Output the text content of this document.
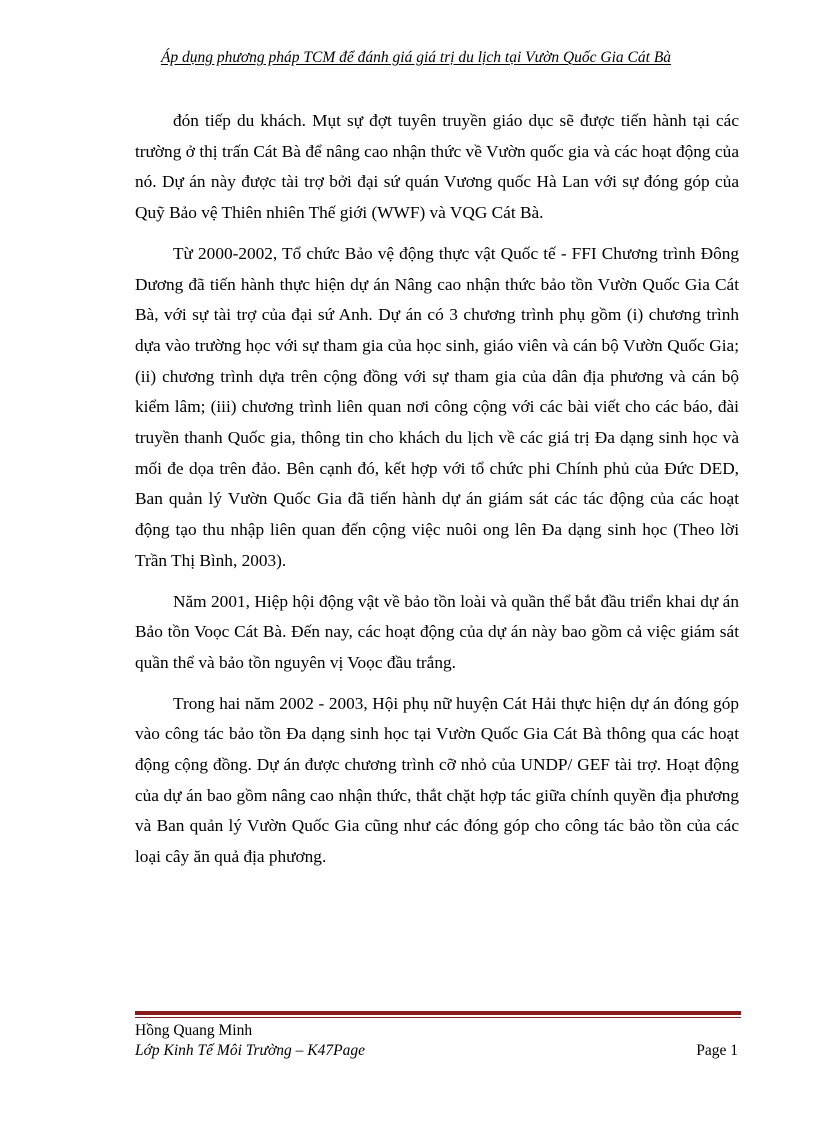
Áp dụng phương pháp TCM để đánh giá giá trị du lịch tại Vườn Quốc Gia Cát Bà

đón tiếp du khách. Mụt sự đợt tuyên truyền giáo dục sẽ được tiến hành tại các trường ở thị trấn Cát Bà để nâng cao nhận thức về Vườn quốc gia và các hoạt động của nó. Dự án này được tài trợ bởi đại sứ quán Vương quốc Hà Lan với sự đóng góp của Quỹ Bảo vệ Thiên nhiên Thế giới (WWF) và VQG Cát Bà.

Từ 2000-2002, Tổ chức Bảo vệ động thực vật Quốc tế - FFI Chương trình Đông Dương đã tiến hành thực hiện dự án Nâng cao nhận thức bảo tồn Vườn Quốc Gia Cát Bà, với sự tài trợ của đại sứ Anh. Dự án có 3 chương trình phụ gồm (i) chương trình dựa vào trường học với sự tham gia của học sinh, giáo viên và cán bộ Vườn Quốc Gia; (ii) chương trình dựa trên cộng đồng với sự tham gia của dân địa phương và cán bộ kiểm lâm; (iii) chương trình liên quan nơi công cộng với các bài viết cho các báo, đài truyền thanh Quốc gia, thông tin cho khách du lịch về các giá trị Đa dạng sinh học và mối đe dọa trên đảo. Bên cạnh đó, kết hợp với tổ chức phi Chính phủ của Đức DED, Ban quản lý Vườn Quốc Gia đã tiến hành dự án giám sát các tác động của các hoạt động tạo thu nhập liên quan đến cộng việc nuôi ong lên Đa dạng sinh học (Theo lời Trần Thị Bình, 2003).

Năm 2001, Hiệp hội động vật về bảo tồn loài và quần thể bắt đầu triển khai dự án Bảo tồn Voọc Cát Bà. Đến nay, các hoạt động của dự án này bao gồm cả việc giám sát quần thể và bảo tồn nguyên vị Voọc đầu trắng.

Trong hai năm 2002 - 2003, Hội phụ nữ huyện Cát Hải thực hiện dự án đóng góp vào công tác bảo tồn Đa dạng sinh học tại Vườn Quốc Gia Cát Bà thông qua các hoạt động cộng đồng. Dự án được chương trình cỡ nhỏ của UNDP/ GEF tài trợ. Hoạt động của dự án bao gồm nâng cao nhận thức, thắt chặt hợp tác giữa chính quyền địa phương và Ban quản lý Vườn Quốc Gia cũng như các đóng góp cho công tác bảo tồn của các loại cây ăn quả địa phương.

Hồng Quang Minh
Lớp Kinh Tế Môi Trường – K47Page	Page 1
